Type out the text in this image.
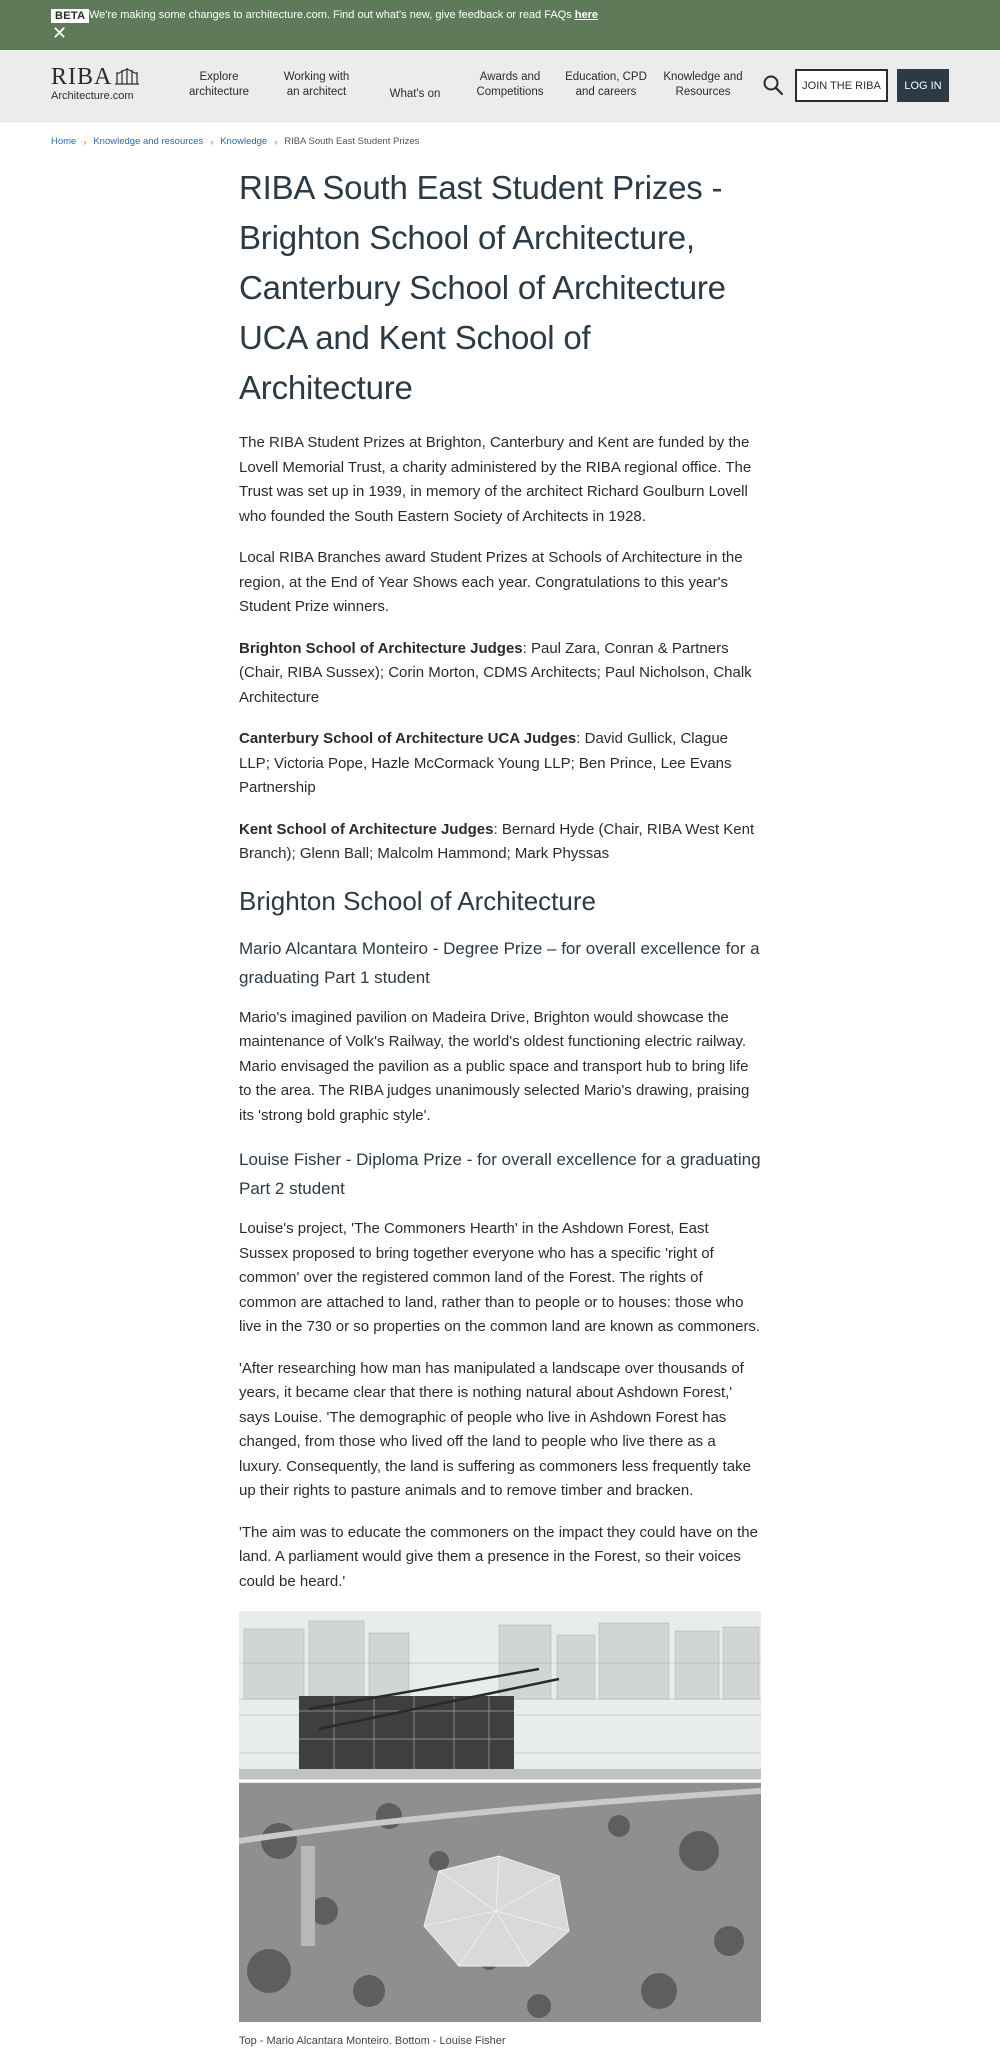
BETA We're making some changes to architecture.com. Find out what's new, give feedback or read FAQs here
✕
RIBA
Architecture.com
Explore
architecture
Working with
an architect	What's on
Awards and
Competitions
Education, CPD
and careers
Knowledge and
Resources
JOIN THE RIBA	LOG IN
Home › Knowledge and resources › Knowledge › RIBA South East Student Prizes
RIBA South East Student Prizes - Brighton School of Architecture, Canterbury School of Architecture UCA and Kent School of Architecture

The RIBA Student Prizes at Brighton, Canterbury and Kent are funded by the Lovell Memorial Trust, a charity administered by the RIBA regional office. The Trust was set up in 1939, in memory of the architect Richard Goulburn Lovell who founded the South Eastern Society of Architects in 1928.

Local RIBA Branches award Student Prizes at Schools of Architecture in the region, at the End of Year Shows each year. Congratulations to this year's Student Prize winners.

Brighton School of Architecture Judges: Paul Zara, Conran & Partners (Chair, RIBA Sussex); Corin Morton, CDMS Architects; Paul Nicholson, Chalk Architecture

Canterbury School of Architecture UCA Judges: David Gullick, Clague LLP; Victoria Pope, Hazle McCormack Young LLP; Ben Prince, Lee Evans Partnership

Kent School of Architecture Judges: Bernard Hyde (Chair, RIBA West Kent Branch); Glenn Ball; Malcolm Hammond; Mark Physsas

Brighton School of Architecture
Mario Alcantara Monteiro - Degree Prize – for overall excellence for a graduating Part 1 student

Mario's imagined pavilion on Madeira Drive, Brighton would showcase the maintenance of Volk's Railway, the world's oldest functioning electric railway. Mario envisaged the pavilion as a public space and transport hub to bring life to the area. The RIBA judges unanimously selected Mario's drawing, praising its 'strong bold graphic style'.

Louise Fisher - Diploma Prize - for overall excellence for a graduating Part 2 student

Louise's project, 'The Commoners Hearth' in the Ashdown Forest, East Sussex proposed to bring together everyone who has a specific 'right of common' over the registered common land of the Forest. The rights of common are attached to land, rather than to people or to houses: those who live in the 730 or so properties on the common land are known as commoners.

'After researching how man has manipulated a landscape over thousands of years, it became clear that there is nothing natural about Ashdown Forest,' says Louise. 'The demographic of people who live in Ashdown Forest has changed, from those who lived off the land to people who live there as a luxury. Consequently, the land is suffering as commoners less frequently take up their rights to pasture animals and to remove timber and bracken.

'The aim was to educate the commoners on the impact they could have on the land. A parliament would give them a presence in the Forest, so their voices could be heard.'

Top - Mario Alcantara Monteiro. Bottom - Louise Fisher
